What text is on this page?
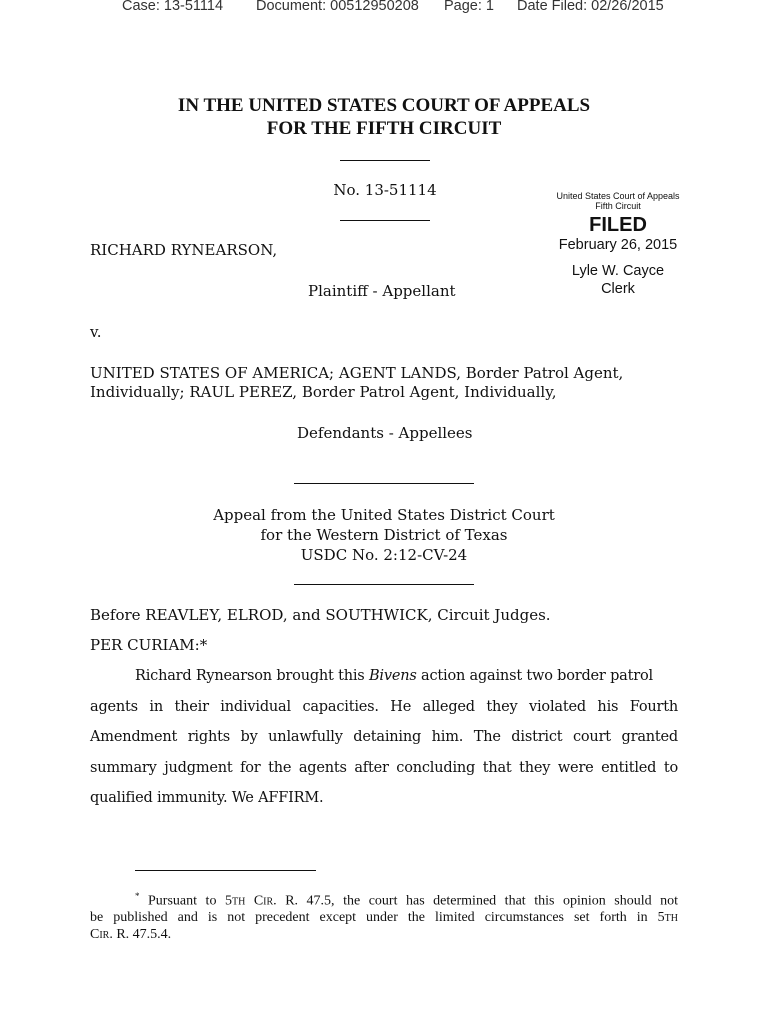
Case: 13-51114 Document: 00512950208 Page: 1 Date Filed: 02/26/2015
IN THE UNITED STATES COURT OF APPEALS
FOR THE FIFTH CIRCUIT
No. 13-51114	United States Court of Appeals
Fifth Circuit
FILED
February 26, 2015
Lyle W. Cayce
Clerk
RICHARD RYNEARSON,
Plaintiff - Appellant
v.
UNITED STATES OF AMERICA; AGENT LANDS, Border Patrol Agent,
Individually; RAUL PEREZ, Border Patrol Agent, Individually,
Defendants - Appellees
Appeal from the United States District Court
for the Western District of Texas
USDC No. 2:12-CV-24
Before REAVLEY, ELROD, and SOUTHWICK, Circuit Judges.
PER CURIAM:*
Richard Rynearson brought this Bivens action against two border patrol
agents in their individual capacities. He alleged they violated his Fourth
Amendment rights by unlawfully detaining him. The district court granted
summary judgment for the agents after concluding that they were entitled to
qualified immunity. We AFFIRM.
* Pursuant to 5th Cir. R. 47.5, the court has determined that this opinion should not
be published and is not precedent except under the limited circumstances set forth in 5th
Cir. R. 47.5.4.
